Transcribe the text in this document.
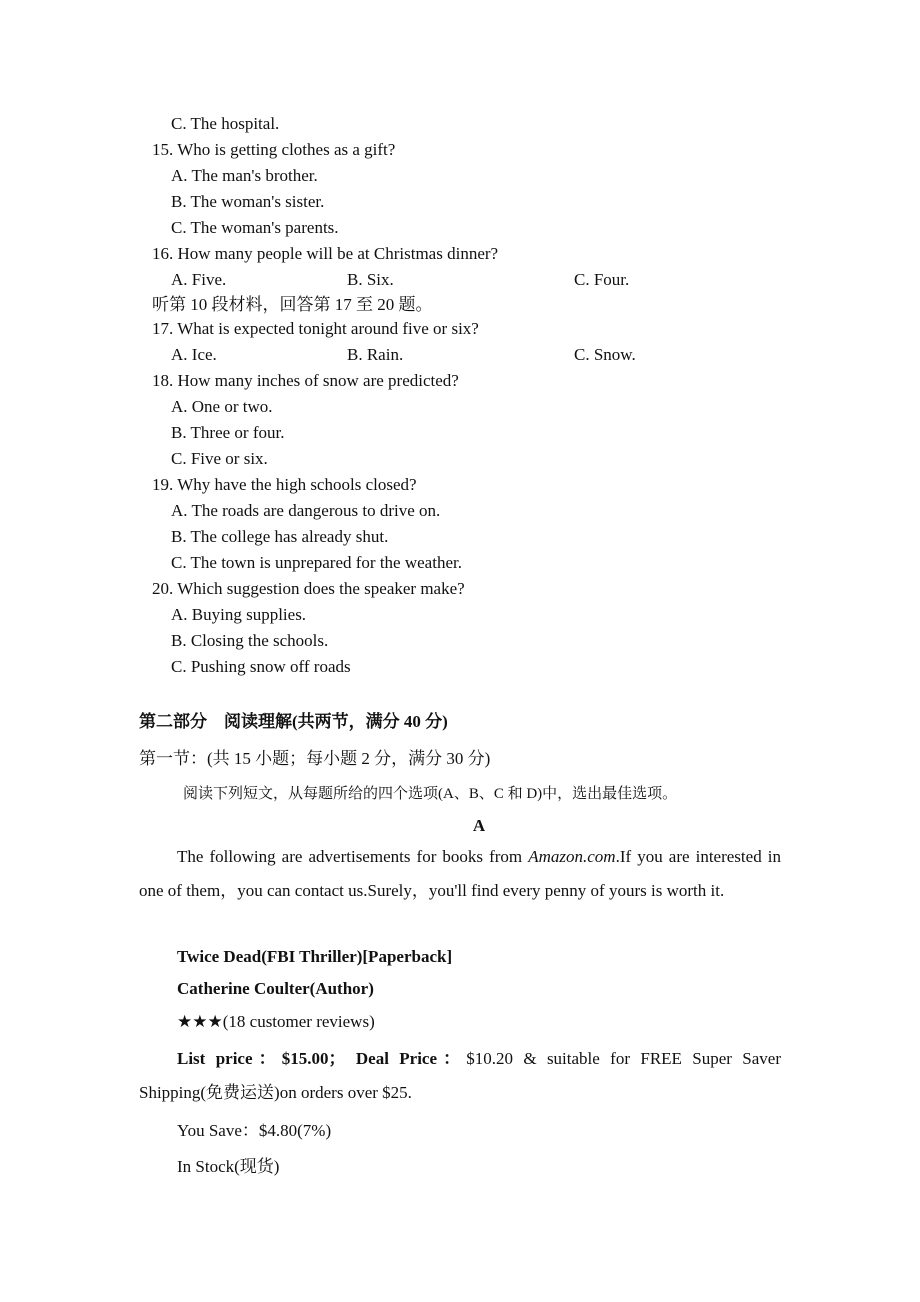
C. The hospital.
15. Who is getting clothes as a gift?
A. The man's brother.
B. The woman's sister.
C. The woman's parents.
16. How many people will be at Christmas dinner?
A. Five.	B. Six.	C. Four.
听第 10 段材料，回答第 17 至 20 题。
17. What is expected tonight around five or six?
A. Ice.	B. Rain.	C. Snow.
18. How many inches of snow are predicted?
A. One or two.
B. Three or four.
C. Five or six.
19. Why have the high schools closed?
A. The roads are dangerous to drive on.
B. The college has already shut.
C. The town is unprepared for the weather.
20. Which suggestion does the speaker make?
A. Buying supplies.
B. Closing the schools.
C. Pushing snow off roads
第二部分　阅读理解(共两节，满分 40 分)
第一节：(共 15 小题；每小题 2 分，满分 30 分)
阅读下列短文，从每题所给的四个选项(A、B、C 和 D)中，选出最佳选项。
A
The following are advertisements for books from Amazon.com.If you are interested in one of them，you can contact us.Surely，you'll find every penny of yours is worth it.
Twice Dead(FBI Thriller)[Paperback]
Catherine Coulter(Author)
★★★(18 customer reviews)
List price：$15.00； Deal Price：$10.20 & suitable for FREE Super Saver Shipping(免费运送)on orders over $25.
You Save：$4.80(7%)
In Stock(现货)
